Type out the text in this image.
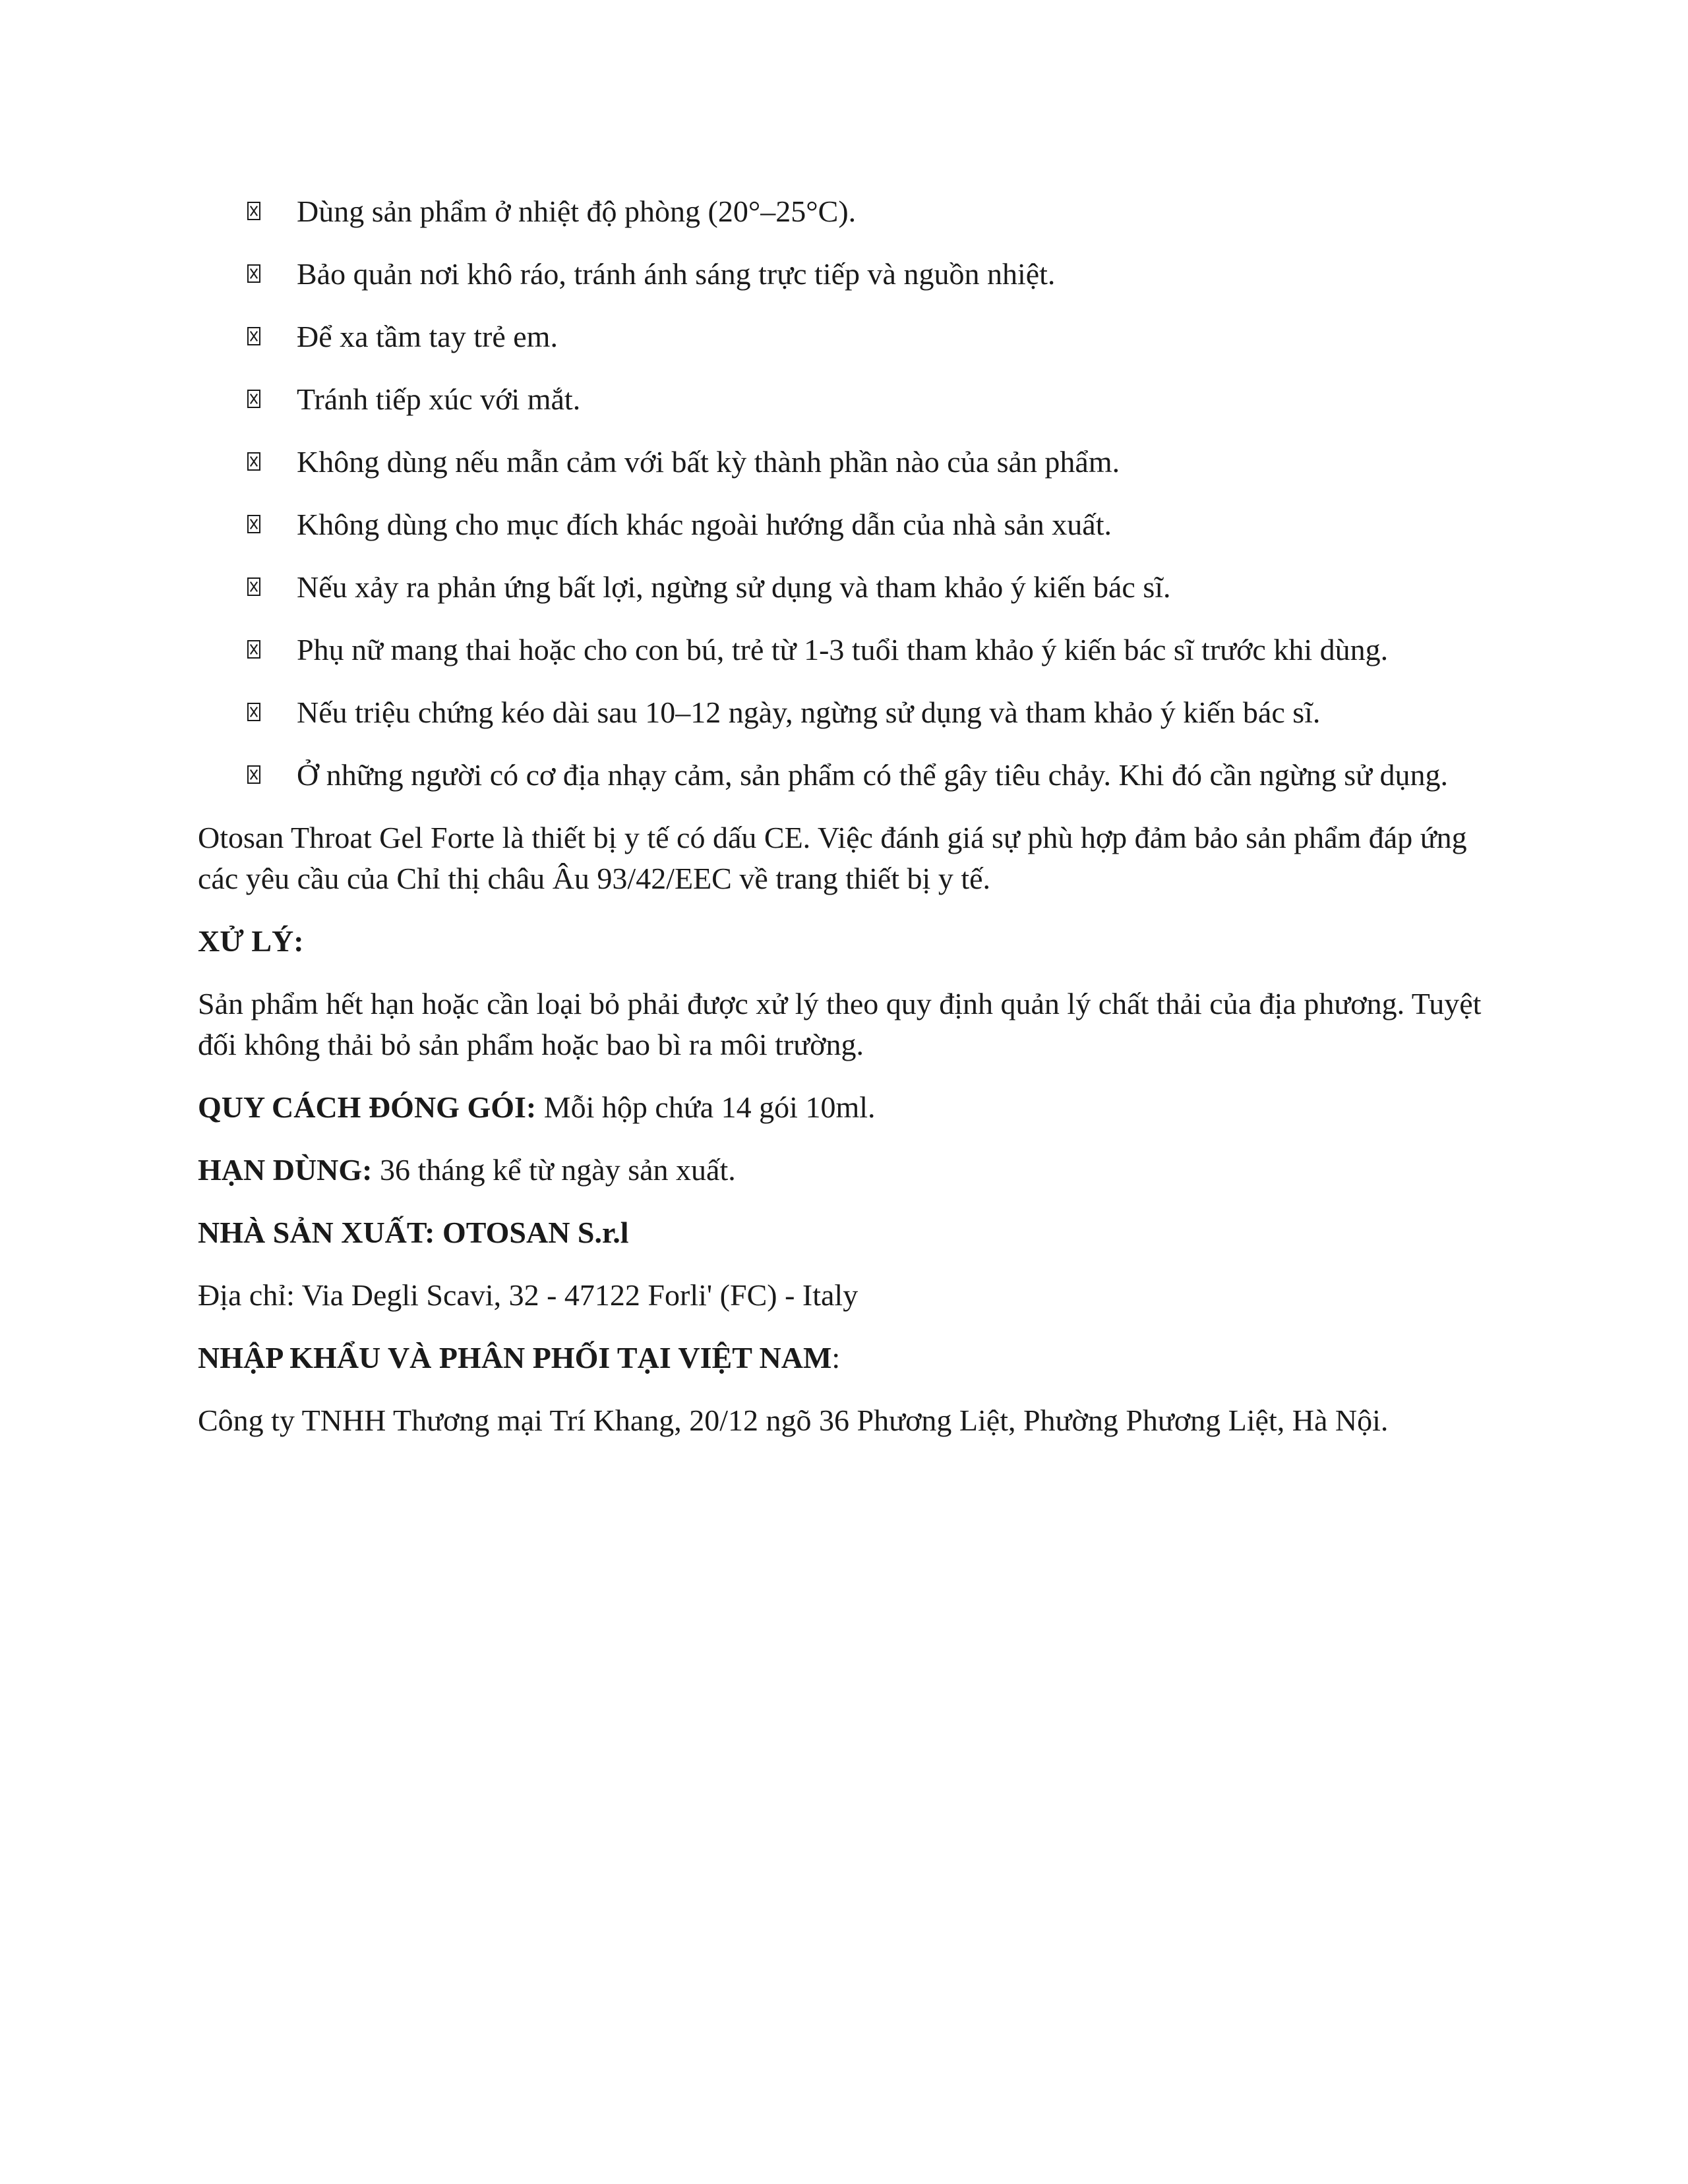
Dùng sản phẩm ở nhiệt độ phòng (20°–25°C).
Bảo quản nơi khô ráo, tránh ánh sáng trực tiếp và nguồn nhiệt.
Để xa tầm tay trẻ em.
Tránh tiếp xúc với mắt.
Không dùng nếu mẫn cảm với bất kỳ thành phần nào của sản phẩm.
Không dùng cho mục đích khác ngoài hướng dẫn của nhà sản xuất.
Nếu xảy ra phản ứng bất lợi, ngừng sử dụng và tham khảo ý kiến bác sĩ.
Phụ nữ mang thai hoặc cho con bú, trẻ từ 1-3 tuổi tham khảo ý kiến bác sĩ trước khi dùng.
Nếu triệu chứng kéo dài sau 10–12 ngày, ngừng sử dụng và tham khảo ý kiến bác sĩ.
Ở những người có cơ địa nhạy cảm, sản phẩm có thể gây tiêu chảy. Khi đó cần ngừng sử dụng.

Otosan Throat Gel Forte là thiết bị y tế có dấu CE. Việc đánh giá sự phù hợp đảm bảo sản phẩm đáp ứng các yêu cầu của Chỉ thị châu Âu 93/42/EEC về trang thiết bị y tế.

XỬ LÝ:

Sản phẩm hết hạn hoặc cần loại bỏ phải được xử lý theo quy định quản lý chất thải của địa phương. Tuyệt đối không thải bỏ sản phẩm hoặc bao bì ra môi trường.

QUY CÁCH ĐÓNG GÓI: Mỗi hộp chứa 14 gói 10ml.

HẠN DÙNG: 36 tháng kể từ ngày sản xuất.

NHÀ SẢN XUẤT: OTOSAN S.r.l

Địa chỉ: Via Degli Scavi, 32 - 47122 Forli' (FC) - Italy

NHẬP KHẨU VÀ PHÂN PHỐI TẠI VIỆT NAM:

Công ty TNHH Thương mại Trí Khang, 20/12 ngõ 36 Phương Liệt, Phường Phương Liệt, Hà Nội.
